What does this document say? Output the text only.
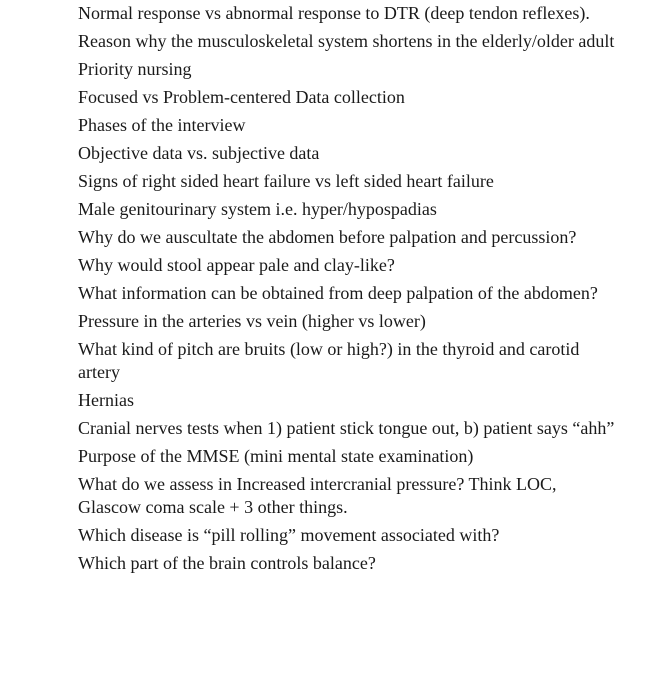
Normal response vs abnormal response to DTR (deep tendon reflexes).

Reason why the musculoskeletal system shortens in the elderly/older adult

Priority nursing

Focused vs Problem-centered Data collection

Phases of the interview

Objective data vs. subjective data

Signs of right sided heart failure vs left sided heart failure

Male genitourinary system i.e. hyper/hypospadias

Why do we auscultate the abdomen before palpation and percussion?

Why would stool appear pale and clay-like?

What information can be obtained from deep palpation of the abdomen?

Pressure in the arteries vs vein (higher vs lower)

What kind of pitch are bruits (low or high?) in the thyroid and carotid artery

Hernias

Cranial nerves tests when 1) patient stick tongue out, b) patient says “ahh”

Purpose of the MMSE (mini mental state examination)

What do we assess in Increased intercranial pressure? Think LOC, Glascow coma scale + 3 other things.

Which disease is “pill rolling” movement associated with?

Which part of the brain controls balance?
